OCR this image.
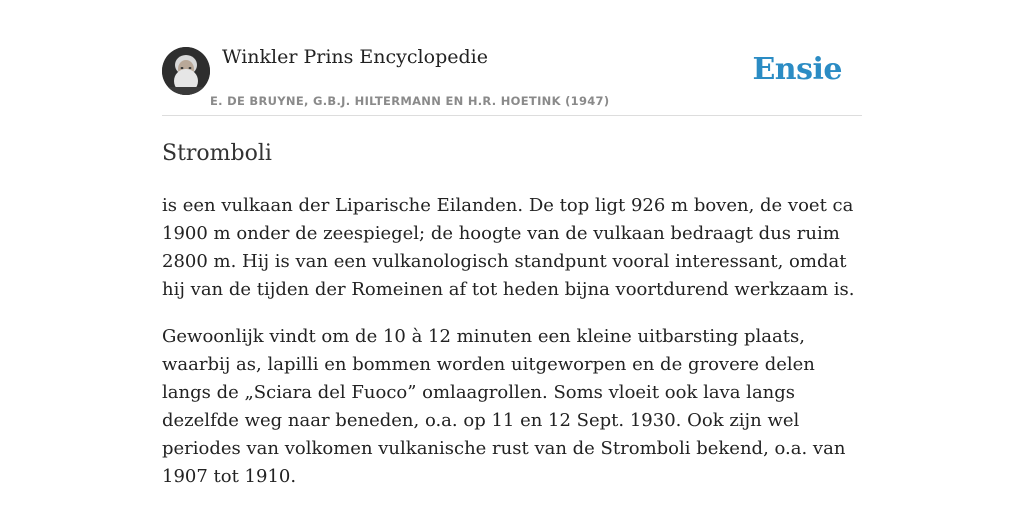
Winkler Prins Encyclopedie
E. DE BRUYNE, G.B.J. HILTERMANN EN H.R. HOETINK (1947)
Ensie
Stromboli

is een vulkaan der Liparische Eilanden. De top ligt 926 m boven, de voet ca 1900 m onder de zeespiegel; de hoogte van de vulkaan bedraagt dus ruim 2800 m. Hij is van een vulkanologisch standpunt vooral interessant, omdat hij van de tijden der Romeinen af tot heden bijna voortdurend werkzaam is.

Gewoonlijk vindt om de 10 à 12 minuten een kleine uitbarsting plaats, waarbij as, lapilli en bommen worden uitgeworpen en de grovere delen langs de „Sciara del Fuoco” omlaagrollen. Soms vloeit ook lava langs dezelfde weg naar beneden, o.a. op 11 en 12 Sept. 1930. Ook zijn wel periodes van volkomen vulkanische rust van de Stromboli bekend, o.a. van 1907 tot 1910.
